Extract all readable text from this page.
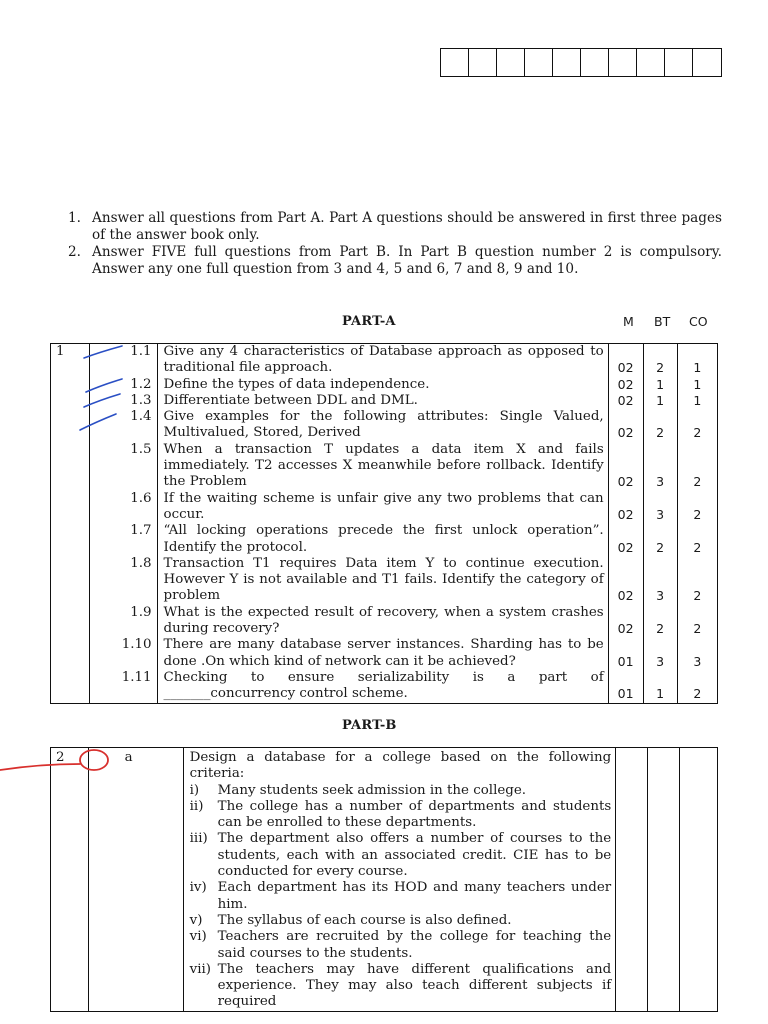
1. Answer all questions from Part A. Part A questions should be answered in first three pages of the answer book only.
2. Answer FIVE full questions from Part B. In Part B question number 2 is compulsory. Answer any one full question from 3 and 4, 5 and 6, 7 and 8, 9 and 10.
PART-A	M BT CO
1	1.1	Give any 4 characteristics of Database approach as opposed to traditional file approach.	02	2	1
	1.2	Define the types of data independence.	02	1	1
	1.3	Differentiate between DDL and DML.	02	1	1
	1.4	Give examples for the following attributes: Single Valued, Multivalued, Stored, Derived	02	2	2
	1.5	When a transaction T updates a data item X and fails immediately. T2 accesses X meanwhile before rollback. Identify the Problem	02	3	2
	1.6	If the waiting scheme is unfair give any two problems that can occur.	02	3	2
	1.7	“All locking operations precede the first unlock operation”. Identify the protocol.	02	2	2
	1.8	Transaction T1 requires Data item Y to continue execution. However Y is not available and T1 fails. Identify the category of problem	02	3	2
	1.9	What is the expected result of recovery, when a system crashes during recovery?	02	2	2
	1.10	There are many database server instances. Sharding has to be done .On which kind of network can it be achieved?	01	3	3
	1.11	Checking to ensure serializability is a part of _______concurrency control scheme.	01	1	2
PART-B
2	a	Design a database for a college based on the following criteria:
i)	Many students seek admission in the college.
ii)	The college has a number of departments and students can be enrolled to these departments.
iii) The department also offers a number of courses to the students, each with an associated credit. CIE has to be conducted for every course.
iv) Each department has its HOD and many teachers under him.
v)	The syllabus of each course is also defined.
vi) Teachers are recruited by the college for teaching the said courses to the students.
vii) The teachers may have different qualifications and experience. They may also teach different subjects if required
